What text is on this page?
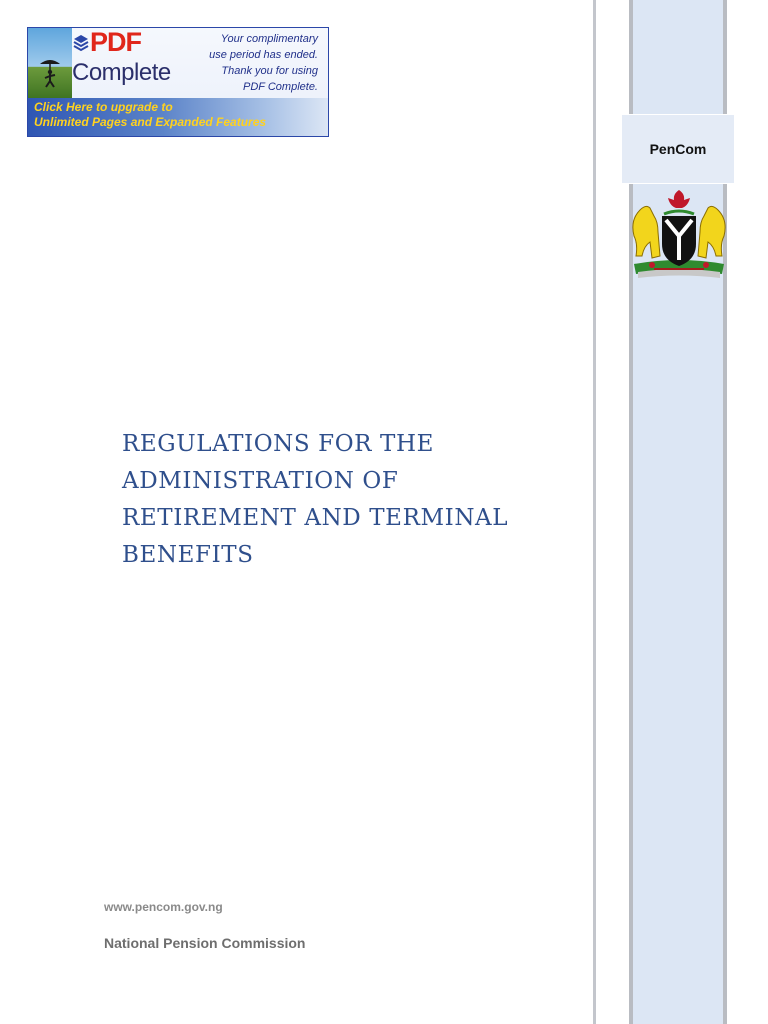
PDF
Complete
Your complimentary
use period has ended.
Thank you for using
PDF Complete.
Click Here to upgrade to
Unlimited Pages and Expanded Features
PenCom
REGULATIONS FOR THE
ADMINISTRATION OF
RETIREMENT AND TERMINAL
BENEFITS
www.pencom.gov.ng
National Pension Commission
